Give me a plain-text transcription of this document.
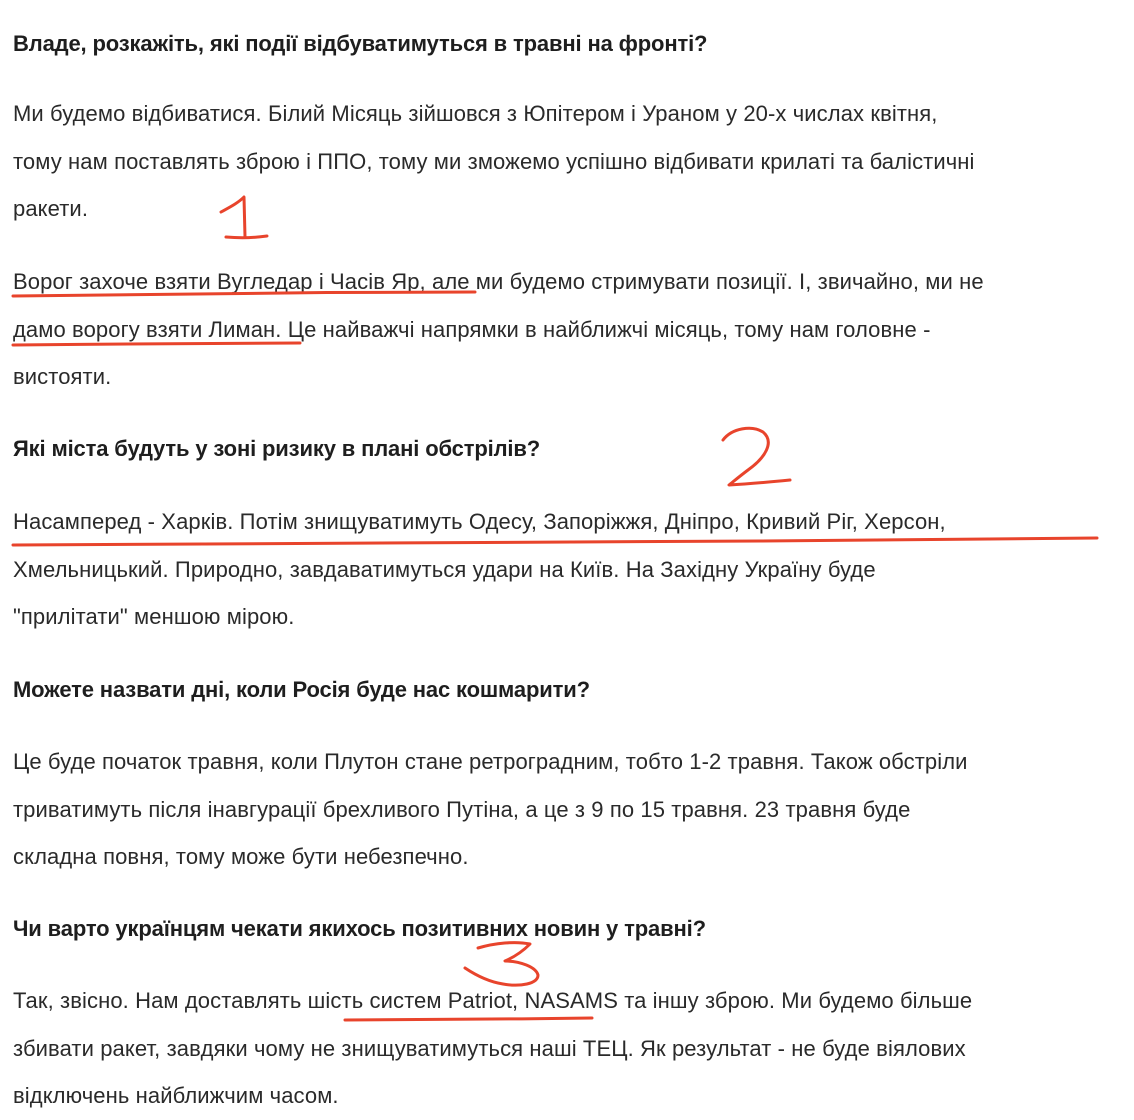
Владе, розкажіть, які події відбуватимуться в травні на фронті?

Ми будемо відбиватися. Білий Місяць зійшовся з Юпітером і Ураном у 20-х числах квітня,
тому нам поставлять зброю і ППО, тому ми зможемо успішно відбивати крилаті та балістичні
ракети.

Ворог захоче взяти Вугледар і Часів Яр, але ми будемо стримувати позиції. І, звичайно, ми не
дамо ворогу взяти Лиман. Це найважчі напрямки в найближчі місяць, тому нам головне -
вистояти.

Які міста будуть у зоні ризику в плані обстрілів?

Насамперед - Харків. Потім знищуватимуть Одесу, Запоріжжя, Дніпро, Кривий Ріг, Херсон,
Хмельницький. Природно, завдаватимуться удари на Київ. На Західну Україну буде
"прилітати" меншою мірою.

Можете назвати дні, коли Росія буде нас кошмарити?

Це буде початок травня, коли Плутон стане ретроградним, тобто 1-2 травня. Також обстріли
триватимуть після інавгурації брехливого Путіна, а це з 9 по 15 травня. 23 травня буде
складна повня, тому може бути небезпечно.

Чи варто українцям чекати якихось позитивних новин у травні?

Так, звісно. Нам доставлять шість систем Patriot, NASAMS та іншу зброю. Ми будемо більше
збивати ракет, завдяки чому не знищуватимуться наші ТЕЦ. Як результат - не буде віялових
відключень найближчим часом.
